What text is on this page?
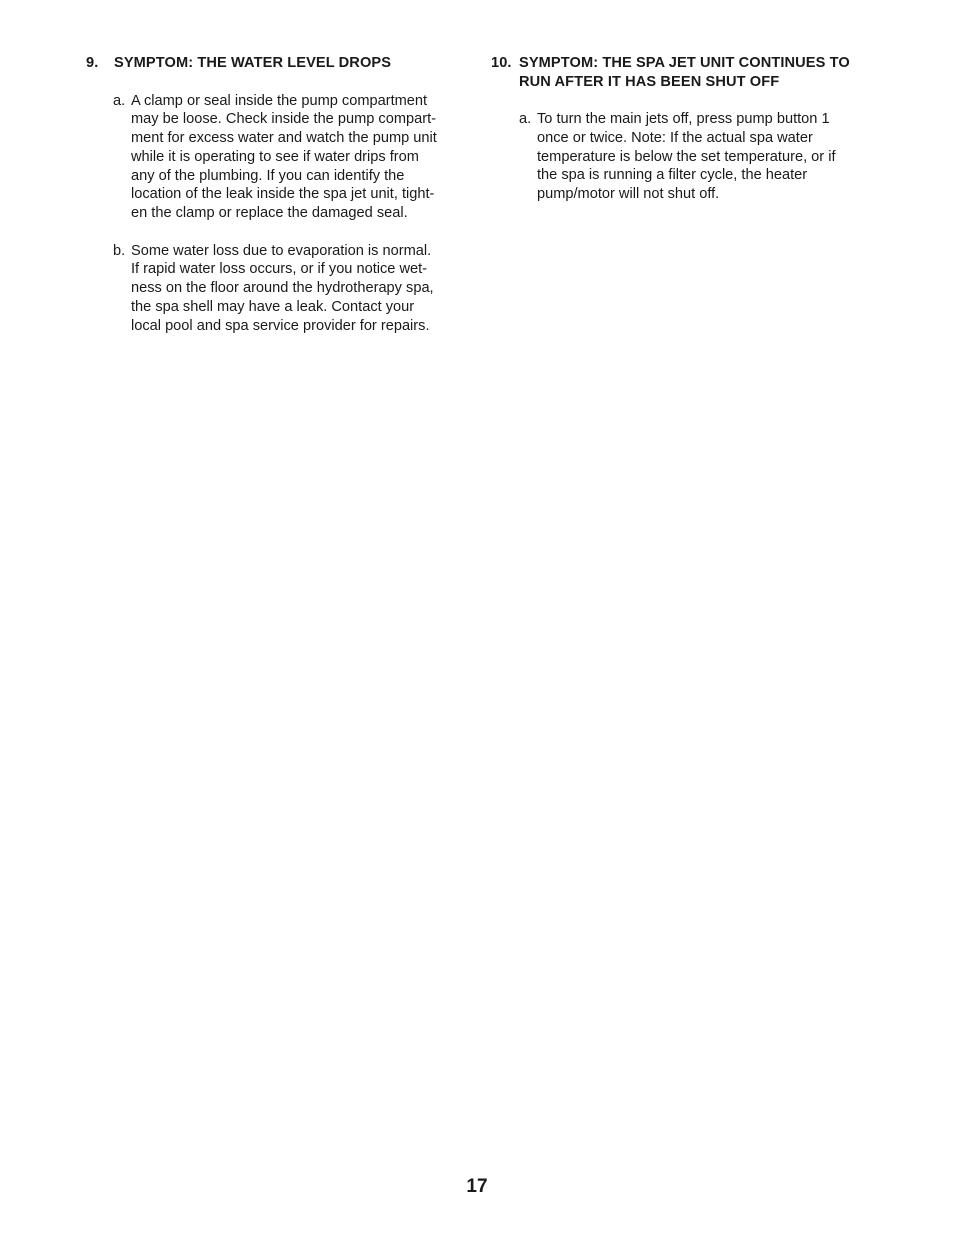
9.	SYMPTOM: THE WATER LEVEL DROPS
a. A clamp or seal inside the pump compartment
may be loose. Check inside the pump compart-
ment for excess water and watch the pump unit
while it is operating to see if water drips from
any of the plumbing. If you can identify the
location of the leak inside the spa jet unit, tight-
en the clamp or replace the damaged seal.
b. Some water loss due to evaporation is normal.
If rapid water loss occurs, or if you notice wet-
ness on the floor around the hydrotherapy spa,
the spa shell may have a leak. Contact your
local pool and spa service provider for repairs.
10. SYMPTOM: THE SPA JET UNIT CONTINUES TO RUN AFTER IT HAS BEEN SHUT OFF
a. To turn the main jets off, press pump button 1
once or twice. Note: If the actual spa water
temperature is below the set temperature, or if
the spa is running a filter cycle, the heater
pump/motor will not shut off.
17
